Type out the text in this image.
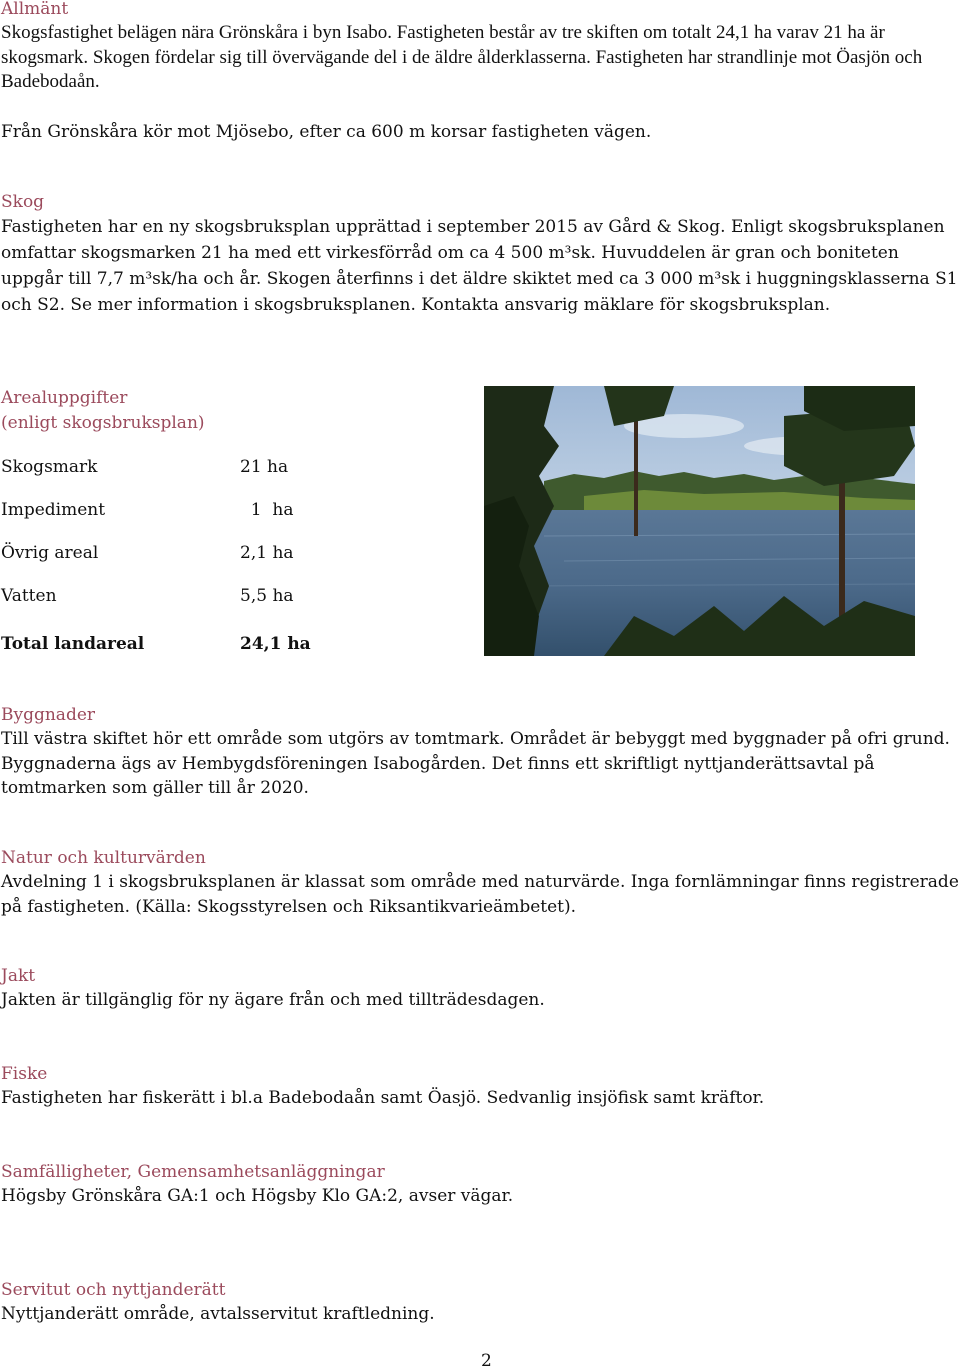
Allmänt
Skogsfastighet belägen nära Grönskåra i byn Isabo. Fastigheten består av tre skiften om totalt 24,1 ha varav 21 ha är skogsmark. Skogen fördelar sig till övervägande del i de äldre ålderklasserna. Fastigheten har strandlinje mot Öasjön och Badebodaån.
Från Grönskåra kör mot Mjösebo, efter ca 600 m korsar fastigheten vägen.
Skog
Fastigheten har en ny skogsbruksplan upprättad i september 2015 av Gård & Skog. Enligt skogsbruksplanen omfattar skogsmarken 21 ha med ett virkesförråd om ca 4 500 m³sk. Huvuddelen är gran och boniteten uppgår till 7,7 m³sk/ha och år. Skogen återfinns i det äldre skiktet med ca 3 000 m³sk i huggningsklasserna S1 och S2. Se mer information i skogsbruksplanen. Kontakta ansvarig mäklare för skogsbruksplan.
Arealuppgifter
(enligt skogsbruksplan)
Skogsmark	21 ha
Impediment	1  ha
Övrig areal	2,1 ha
Vatten	5,5 ha
Total landareal	24,1 ha
Byggnader
Till västra skiftet hör ett område som utgörs av tomtmark. Området är bebyggt med byggnader på ofri grund. Byggnaderna ägs av Hembygdsföreningen Isabogården. Det finns ett skriftligt nyttjanderättsavtal på tomtmarken som gäller till år 2020.
Natur och kulturvärden
Avdelning 1 i skogsbruksplanen är klassat som område med naturvärde. Inga fornlämningar finns registrerade på fastigheten. (Källa: Skogsstyrelsen och Riksantikvarieämbetet).
Jakt
Jakten är tillgänglig för ny ägare från och med tillträdesdagen.
Fiske
Fastigheten har fiskerätt i bl.a Badebodaån samt Öasjö. Sedvanlig insjöfisk samt kräftor.
Samfälligheter, Gemensamhetsanläggningar
Högsby Grönskåra GA:1 och Högsby Klo GA:2, avser vägar.
Servitut och nyttjanderätt
Nyttjanderätt område, avtalsservitut kraftledning.
2
